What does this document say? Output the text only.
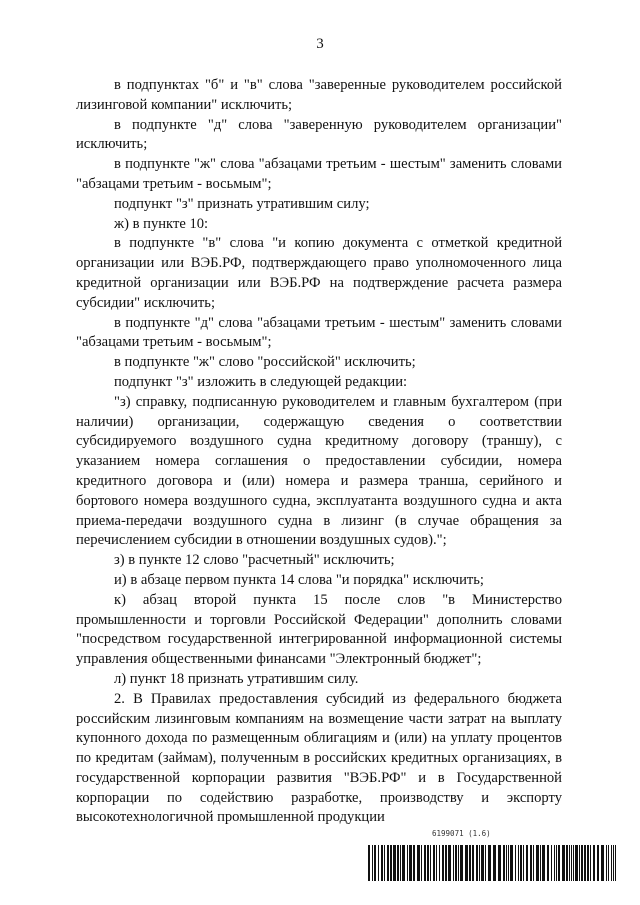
3

в подпунктах "б" и "в" слова "заверенные руководителем российской лизинговой компании" исключить;

в подпункте "д" слова "заверенную руководителем организации" исключить;

в подпункте "ж" слова "абзацами третьим - шестым" заменить словами "абзацами третьим - восьмым";

подпункт "з" признать утратившим силу;

ж) в пункте 10:

в подпункте "в" слова "и копию документа с отметкой кредитной организации или ВЭБ.РФ, подтверждающего право уполномоченного лица кредитной организации или ВЭБ.РФ на подтверждение расчета размера субсидии" исключить;

в подпункте "д" слова "абзацами третьим - шестым" заменить словами "абзацами третьим - восьмым";

в подпункте "ж" слово "российской" исключить;

подпункт "з" изложить в следующей редакции:

"з) справку, подписанную руководителем и главным бухгалтером (при наличии) организации, содержащую сведения о соответствии субсидируемого воздушного судна кредитному договору (траншу), с указанием номера соглашения о предоставлении субсидии, номера кредитного договора и (или) номера и размера транша, серийного и бортового номера воздушного судна, эксплуатанта воздушного судна и акта приема-передачи воздушного судна в лизинг (в случае обращения за перечислением субсидии в отношении воздушных судов).";

з) в пункте 12 слово "расчетный" исключить;

и) в абзаце первом пункта 14 слова "и порядка" исключить;

к) абзац второй пункта 15 после слов "в Министерство промышленности и торговли Российской Федерации" дополнить словами "посредством государственной интегрированной информационной системы управления общественными финансами "Электронный бюджет";

л) пункт 18 признать утратившим силу.

2. В Правилах предоставления субсидий из федерального бюджета российским лизинговым компаниям на возмещение части затрат на выплату купонного дохода по размещенным облигациям и (или) на уплату процентов по кредитам (займам), полученным в российских кредитных организациях, в государственной корпорации развития "ВЭБ.РФ" и в Государственной корпорации по содействию разработке, производству и экспорту высокотехнологичной промышленной продукции

6199071 (1.6)
